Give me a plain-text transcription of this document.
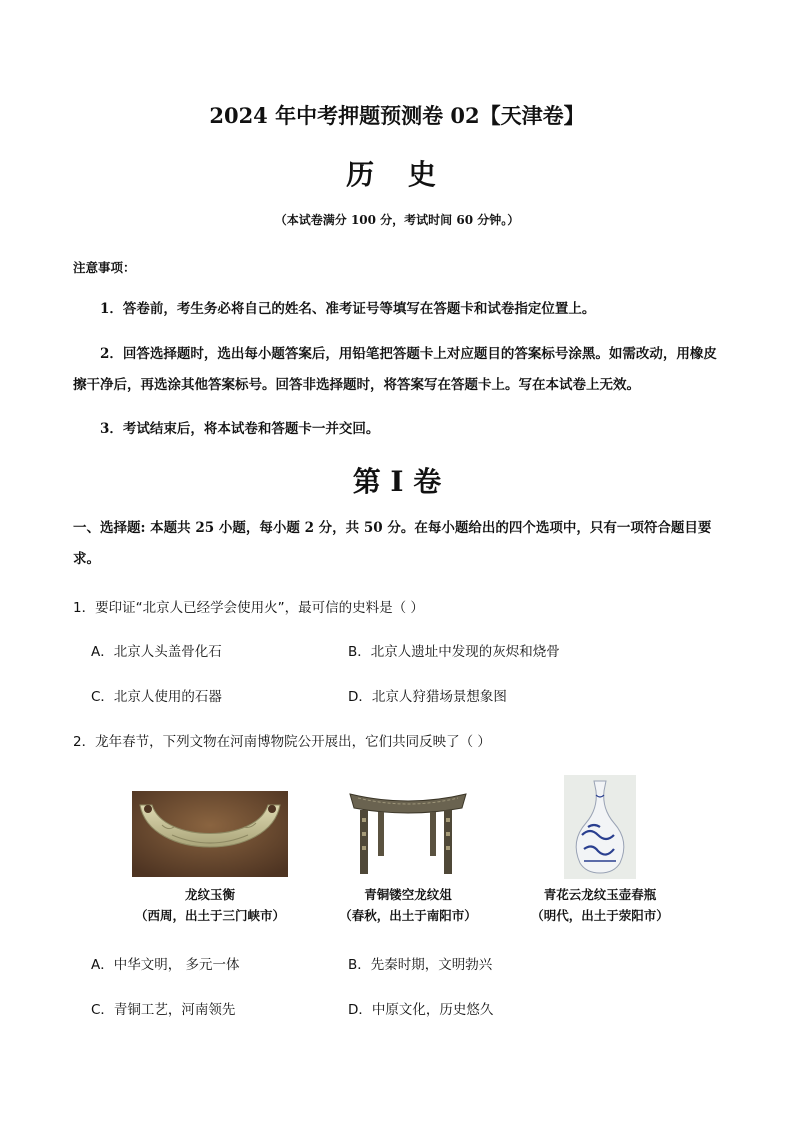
2024 年中考押题预测卷 02【天津卷】
历 史
（本试卷满分 100 分，考试时间 60 分钟。）
注意事项：
1．答卷前，考生务必将自己的姓名、准考证号等填写在答题卡和试卷指定位置上。
2．回答选择题时，选出每小题答案后，用铅笔把答题卡上对应题目的答案标号涂黑。如需改动，用橡皮擦干净后，再选涂其他答案标号。回答非选择题时，将答案写在答题卡上。写在本试卷上无效。
3．考试结束后，将本试卷和答题卡一并交回。
第 I 卷
一、选择题: 本题共 25 小题，每小题 2 分，共 50 分。在每小题给出的四个选项中，只有一项符合题目要求。
1．要印证“北京人已经学会使用火”，最可信的史料是（ ）
A．北京人头盖骨化石	B．北京人遗址中发现的灰烬和烧骨
C．北京人使用的石器	D．北京人狩猎场景想象图
2．龙年春节，下列文物在河南博物院公开展出，它们共同反映了（ ）
龙纹玉衡
（西周，出土于三门峡市）
青铜镂空龙纹俎
（春秋，出土于南阳市）
青花云龙纹玉壶春瓶
（明代，出土于荥阳市）
A．中华文明， 多元一体	B．先秦时期，文明勃兴
C．青铜工艺，河南领先	D．中原文化，历史悠久
